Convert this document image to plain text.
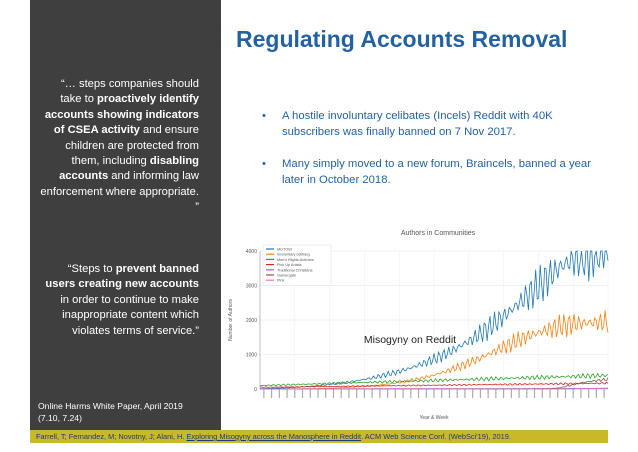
“… steps companies should take to proactively identify accounts showing indicators of CSEA activity and ensure children are protected from them, including disabling accounts and informing law enforcement where appropriate. ”
“Steps to prevent banned users creating new accounts in order to continue to make inappropriate content which violates terms of service.”
Online Harms White Paper, April 2019
(7.10, 7.24)
Regulating Accounts Removal
• A hostile involuntary celibates (Incels) Reddit with 40K subscribers was finally banned on 7 Nov 2017.
• Many simply moved to a new forum, Braincels, banned a year later in October 2018.
Authors in Communities
0
1000
2000
3000
4000
Year & Week
Number of Authors
MGTOW
involuntary celibacy
Men's Rights Activism
Pick Up Artists
Traditional Christians
Gamergate
Pink
Misogyny on Reddit
Farrell, T; Fernandez, M; Novotny, J; Alani, H. Exploring Misogyny across the Manosphere in Reddit. ACM Web Science Conf. (WebSci'19), 2019.
